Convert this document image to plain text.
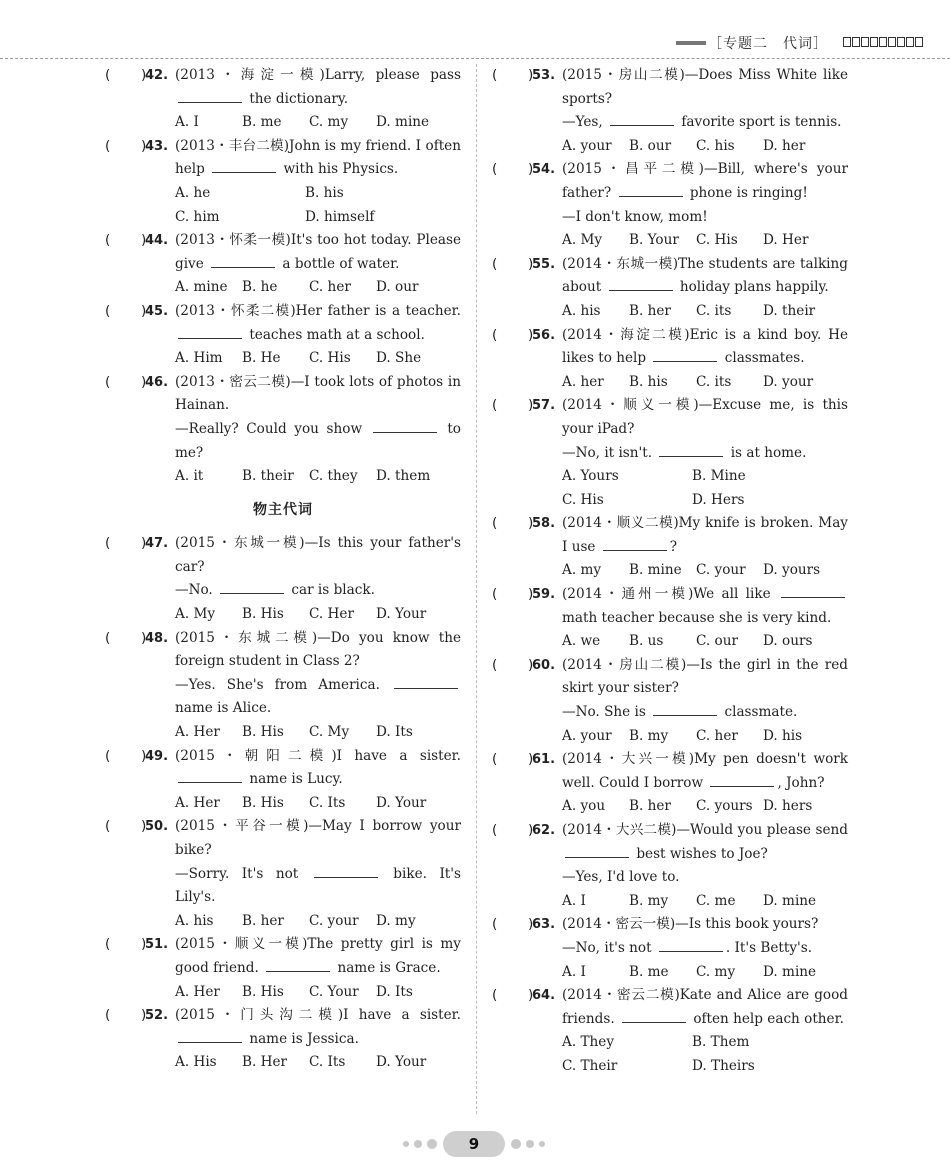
［专题二　代词］
( )
42. (2013・海淀一模)Larry, please pass  the dictionary.
A. I	B. me	C. my	D. mine
( )
43. (2013・丰台二模)John is my friend. I often help	with his Physics.
A. he	B. his
C. him	D. himself
( )
44. (2013・怀柔一模)It's too hot today. Please give	a bottle of water.
A. mine	B. he	C. her	D. our
( )
45. (2013・怀柔二模)Her father is a teacher.  teaches math at a school.
A. Him	B. He	C. His	D. She
( )
46. (2013・密云二模)—I took lots of photos in Hainan.
—Really? Could you show	to me?
A. it	B. their	C. they	D. them
物主代词
( )
47. (2015・东城一模)—Is this your father's car?
—No.	car is black.
A. My	B. His	C. Her	D. Your
( )
48. (2015・东城二模)—Do you know the foreign student in Class 2?
—Yes. She's from America.  name is Alice.
A. Her	B. His	C. My	D. Its
( )
49. (2015・朝阳二模)I have a sister.  name is Lucy.
A. Her	B. His	C. Its	D. Your
( )
50. (2015・平谷一模)—May I borrow your bike?
—Sorry. It's not	bike. It's Lily's.
A. his	B. her	C. your	D. my
( )
51. (2015・顺义一模)The pretty girl is my good friend.	name is Grace.
A. Her	B. His	C. Your	D. Its
( )
52. (2015・门头沟二模)I have a sister.  name is Jessica.
A. His	B. Her	C. Its	D. Your
( )
53. (2015・房山二模)—Does Miss White like sports?
—Yes,	favorite sport is tennis.
A. your	B. our	C. his	D. her
( )
54. (2015・昌平二模)—Bill, where's your father?	phone is ringing!
—I don't know, mom!
A. My	B. Your	C. His	D. Her
( )
55. (2014・东城一模)The students are talking about	holiday plans happily.
A. his	B. her	C. its	D. their
( )
56. (2014・海淀二模)Eric is a kind boy. He likes to help	classmates.
A. her	B. his	C. its	D. your
( )
57. (2014・顺义一模)—Excuse me, is this your iPad?
—No, it isn't.	is at home.
A. Yours	B. Mine
C. His	D. Hers
( )
58. (2014・顺义二模)My knife is broken. May I use	?
A. my	B. mine	C. your	D. yours
( )
59. (2014・通州一模)We all like  math teacher because she is very kind.
A. we	B. us	C. our	D. ours
( )
60. (2014・房山二模)—Is the girl in the red skirt your sister?
—No. She is	classmate.
A. your	B. my	C. her	D. his
( )
61. (2014・大兴一模)My pen doesn't work well. Could I borrow	, John?
A. you	B. her	C. yours D. hers
( )
62. (2014・大兴二模)—Would you please send  best wishes to Joe?
—Yes, I'd love to.
A. I	B. my	C. me	D. mine
( )
63. (2014・密云一模)—Is this book yours?
—No, it's not	. It's Betty's.
A. I	B. me	C. my	D. mine
( )
64. (2014・密云二模)Kate and Alice are good friends.	often help each other.
A. They	B. Them
C. Their	D. Theirs
9
